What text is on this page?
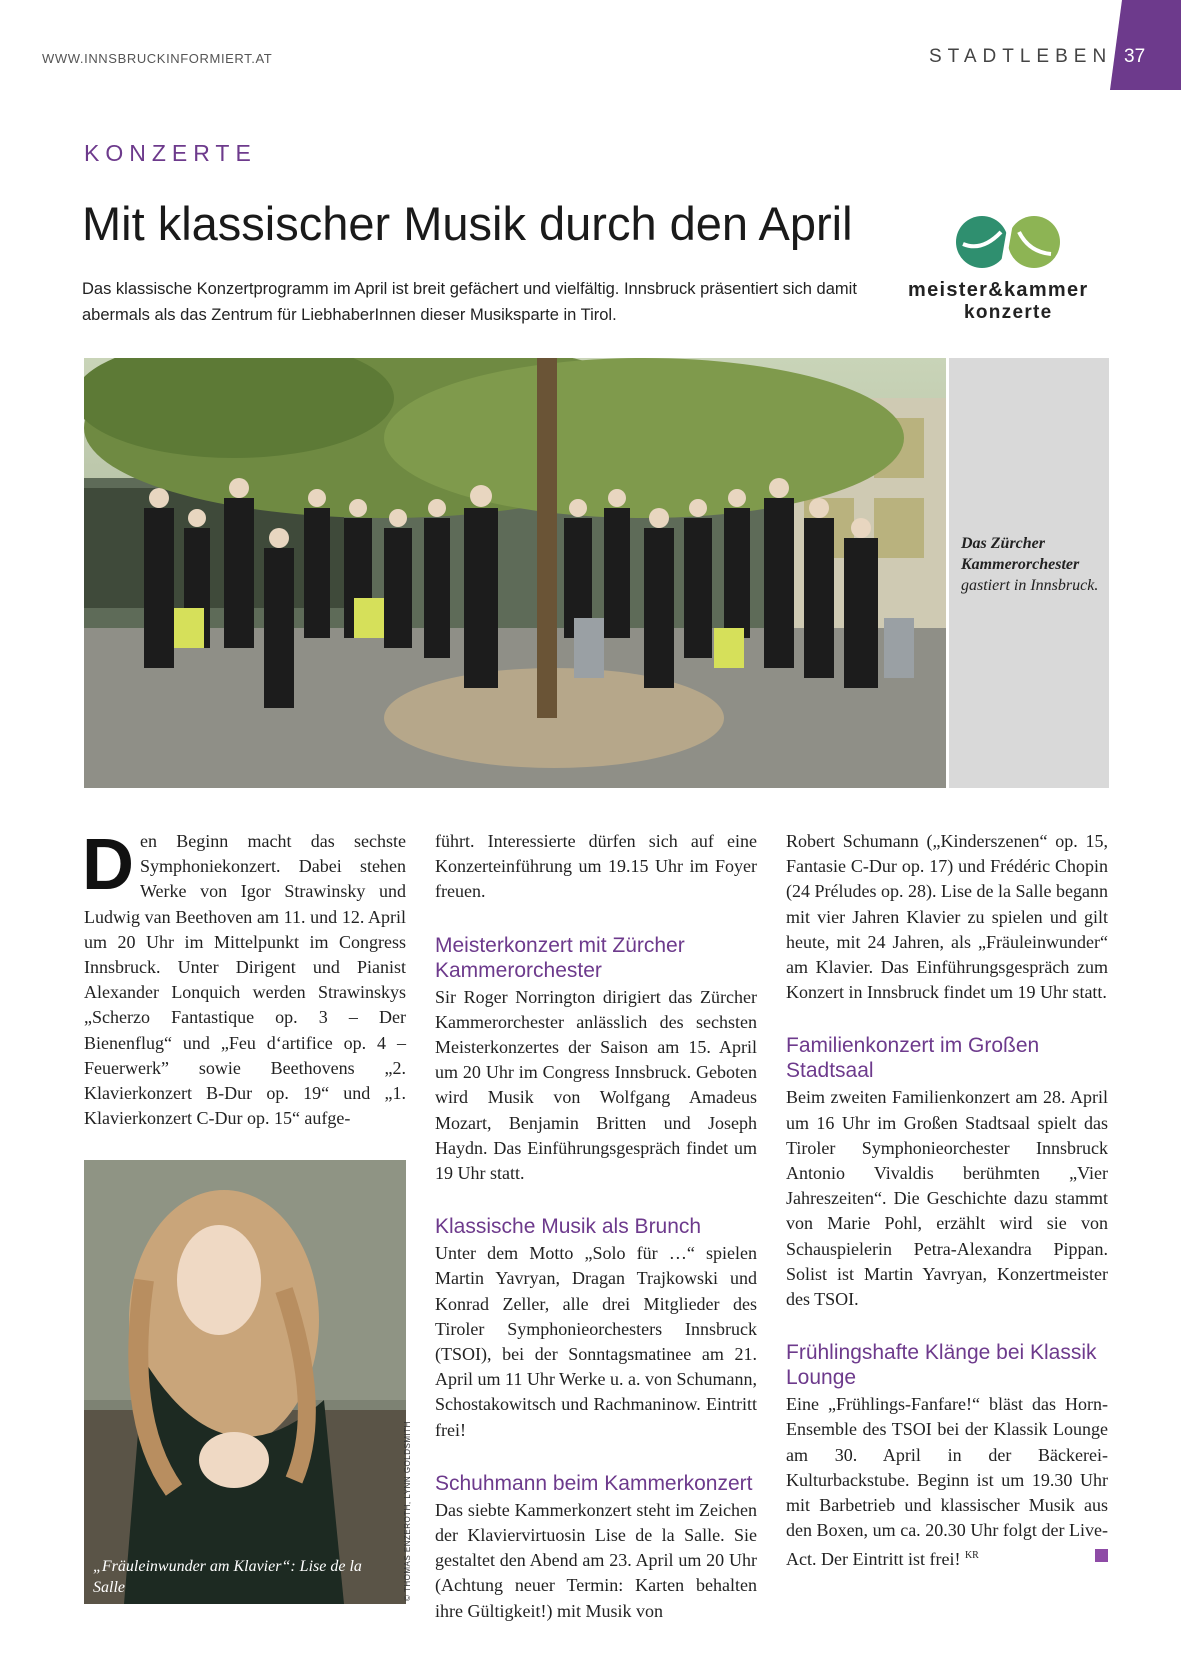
WWW.INNSBRUCKINFORMIERT.AT	STADTLEBEN 37
KONZERTE
Mit klassischer Musik durch den April
Das klassische Konzertprogramm im April ist breit gefächert und vielfältig. Innsbruck präsentiert sich damit abermals als das Zentrum für LiebhaberInnen dieser Musiksparte in Tirol.
meister&kammer
konzerte
Das Zürcher Kammerorchester
gastiert in Innsbruck.

D en Beginn macht das sechste Symphoniekonzert. Dabei stehen Werke von Igor Strawinsky und Ludwig van Beethoven am 11. und 12. April um 20 Uhr im Mittelpunkt im Congress Innsbruck. Unter Dirigent und Pianist Alexander Lonquich werden Strawinskys „Scherzo Fantastique op. 3 – Der Bienenflug“ und „Feu d‘artifice op. 4 – Feuerwerk” sowie Beethovens „2. Klavierkonzert B-Dur op. 19“ und „1. Klavierkonzert C-Dur op. 15“ aufge-

„Fräuleinwunder am Klavier“: Lise de la Salle	© THOMAS ENZEROTH, LYNN GOLDSMITH

führt. Interessierte dürfen sich auf eine Konzerteinführung um 19.15 Uhr im Foyer freuen.

Meisterkonzert mit Zürcher Kammerorchester

Sir Roger Norrington dirigiert das Zürcher Kammerorchester anlässlich des sechsten Meisterkonzertes der Saison am 15. April um 20 Uhr im Congress Innsbruck. Geboten wird Musik von Wolfgang Amadeus Mozart, Benjamin Britten und Joseph Haydn. Das Einführungsgespräch findet um 19 Uhr statt.

Klassische Musik als Brunch

Unter dem Motto „Solo für …“ spielen Martin Yavryan, Dragan Trajkowski und Konrad Zeller, alle drei Mitglieder des Tiroler Symphonieorchesters Innsbruck (TSOI), bei der Sonntagsmatinee am 21. April um 11 Uhr Werke u. a. von Schumann, Schostakowitsch und Rachmaninow. Eintritt frei!

Schuhmann beim Kammerkonzert

Das siebte Kammerkonzert steht im Zeichen der Klaviervirtuosin Lise de la Salle. Sie gestaltet den Abend am 23. April um 20 Uhr (Achtung neuer Termin: Karten behalten ihre Gültigkeit!) mit Musik von

Robert Schumann („Kinderszenen“ op. 15, Fantasie C-Dur op. 17) und Frédéric Chopin (24 Préludes op. 28). Lise de la Salle begann mit vier Jahren Klavier zu spielen und gilt heute, mit 24 Jahren, als „Fräuleinwunder“ am Klavier. Das Einführungsgespräch zum Konzert in Innsbruck findet um 19 Uhr statt.

Familienkonzert im Großen Stadtsaal

Beim zweiten Familienkonzert am 28. April um 16 Uhr im Großen Stadtsaal spielt das Tiroler Symphonieorchester Innsbruck Antonio Vivaldis berühmten „Vier Jahreszeiten“. Die Geschichte dazu stammt von Marie Pohl, erzählt wird sie von Schauspielerin Petra-Alexandra Pippan. Solist ist Martin Yavryan, Konzertmeister des TSOI.

Frühlingshafte Klänge bei Klassik Lounge

Eine „Frühlings-Fanfare!“ bläst das Horn-Ensemble des TSOI bei der Klassik Lounge am 30. April in der Bäckerei-Kulturbackstube. Beginn ist um 19.30 Uhr mit Barbetrieb und klassischer Musik aus den Boxen, um ca. 20.30 Uhr folgt der Live-Act. Der Eintritt ist frei! $^{KR}$
